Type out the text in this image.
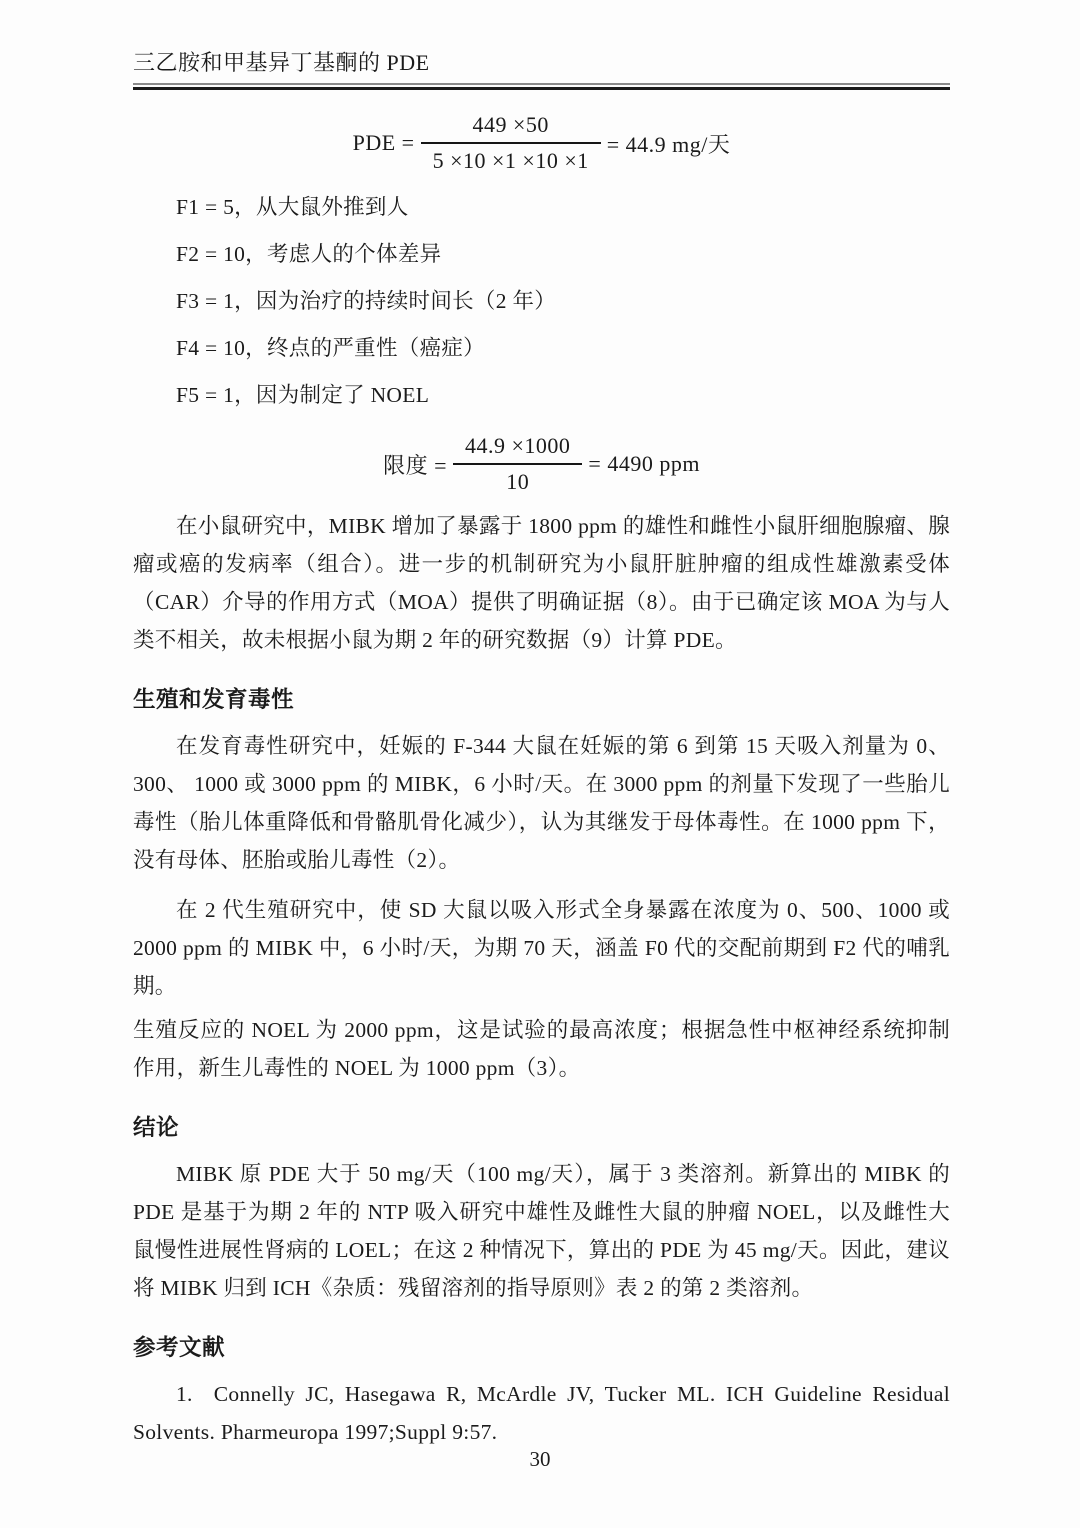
三乙胺和甲基异丁基酮的 PDE
PDE = $\frac{449 \times 50}{5 \times 10 \times 1 \times 10 \times 1} = 44.9$ mg/天
F1 = 5，从大鼠外推到人
F2 = 10，考虑人的个体差异
F3 = 1，因为治疗的持续时间长（2 年）
F4 = 10，终点的严重性（癌症）
F5 = 1，因为制定了 NOEL
限度 = $\frac{44.9 \times 1000}{10} = 4490$ ppm

在小鼠研究中，MIBK 增加了暴露于 1800 ppm 的雄性和雌性小鼠肝细胞腺瘤、腺瘤或癌的发病率（组合）。进一步的机制研究为小鼠肝脏肿瘤的组成性雄激素受体（CAR）介导的作用方式（MOA）提供了明确证据（8）。由于已确定该 MOA 为与人类不相关，故未根据小鼠为期 2 年的研究数据（9）计算 PDE。

生殖和发育毒性

在发育毒性研究中，妊娠的 F-344 大鼠在妊娠的第 6 到第 15 天吸入剂量为 0、300、 1000 或 3000 ppm 的 MIBK，6 小时/天。在 3000 ppm 的剂量下发现了一些胎儿毒性（胎儿体重降低和骨骼肌骨化减少），认为其继发于母体毒性。在 1000 ppm 下，没有母体、胚胎或胎儿毒性（2）。

在 2 代生殖研究中，使 SD 大鼠以吸入形式全身暴露在浓度为 0、500、1000 或 2000 ppm 的 MIBK 中，6 小时/天，为期 70 天，涵盖 F0 代的交配前期到 F2 代的哺乳期。

生殖反应的 NOEL 为 2000 ppm，这是试验的最高浓度；根据急性中枢神经系统抑制作用，新生儿毒性的 NOEL 为 1000 ppm（3）。

结论

MIBK 原 PDE 大于 50 mg/天（100 mg/天），属于 3 类溶剂。新算出的 MIBK 的 PDE 是基于为期 2 年的 NTP 吸入研究中雄性及雌性大鼠的肿瘤 NOEL，以及雌性大鼠慢性进展性肾病的 LOEL；在这 2 种情况下，算出的 PDE 为 45 mg/天。因此，建议将 MIBK 归到 ICH《杂质：残留溶剂的指导原则》表 2 的第 2 类溶剂。

参考文献

1.  Connelly JC, Hasegawa R, McArdle JV, Tucker ML. ICH Guideline Residual Solvents. Pharmeuropa 1997;Suppl 9:57.

30
